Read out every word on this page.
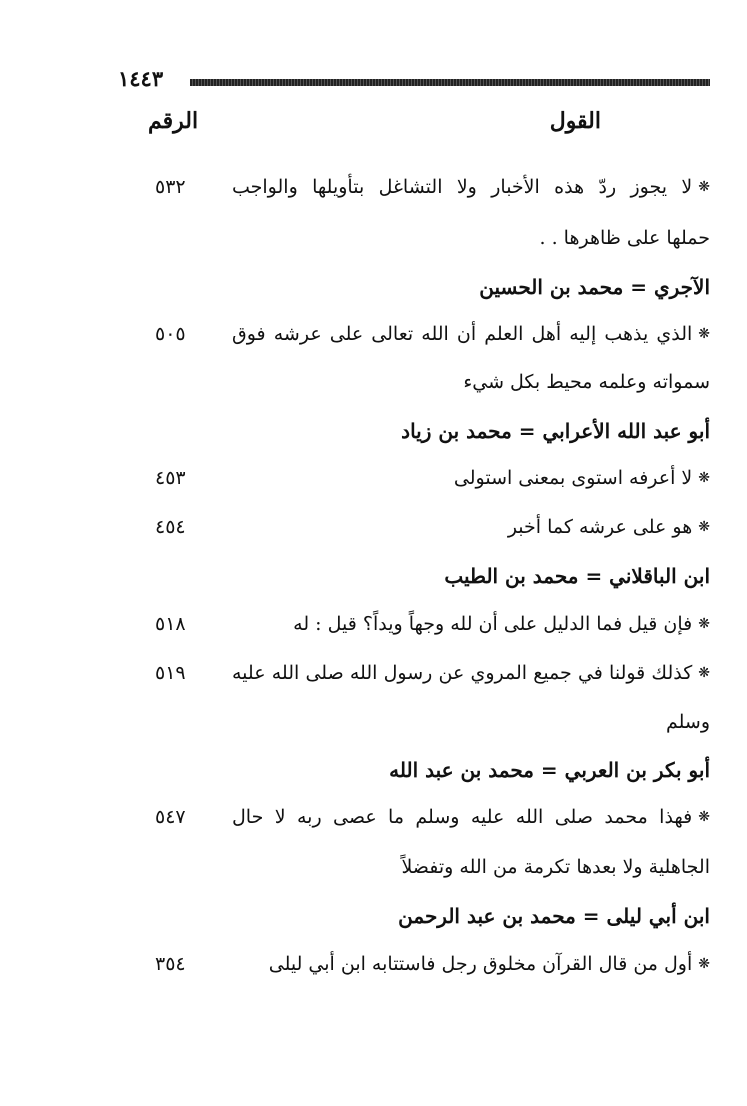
١٤٤٣
القول
الرقم
❋لا يجوز ردّ هذه الأخبار ولا التشاغل بتأويلها والواجب
٥٣٢
حملها على ظاهرها . .
الآجري = محمد بن الحسين
❋الذي يذهب إليه أهل العلم أن الله تعالى على عرشه فوق
٥٠٥
سمواته وعلمه محيط بكل شيء
أبو عبد الله الأعرابي = محمد بن زياد
❋لا أعرفه استوى بمعنى استولى
٤٥٣
❋هو على عرشه كما أخبر
٤٥٤
ابن الباقلاني = محمد بن الطيب
❋فإن قيل فما الدليل على أن لله وجهاً ويداً؟ قيل : له
٥١٨
❋كذلك قولنا في جميع المروي عن رسول الله صلى الله عليه
٥١٩
وسلم
أبو بكر بن العربي = محمد بن عبد الله
❋فهذا محمد صلى الله عليه وسلم ما عصى ربه لا حال
٥٤٧
الجاهلية ولا بعدها تكرمة من الله وتفضلاً
ابن أبي ليلى = محمد بن عبد الرحمن
❋أول من قال القرآن مخلوق رجل فاستتابه ابن أبي ليلى
٣٥٤
